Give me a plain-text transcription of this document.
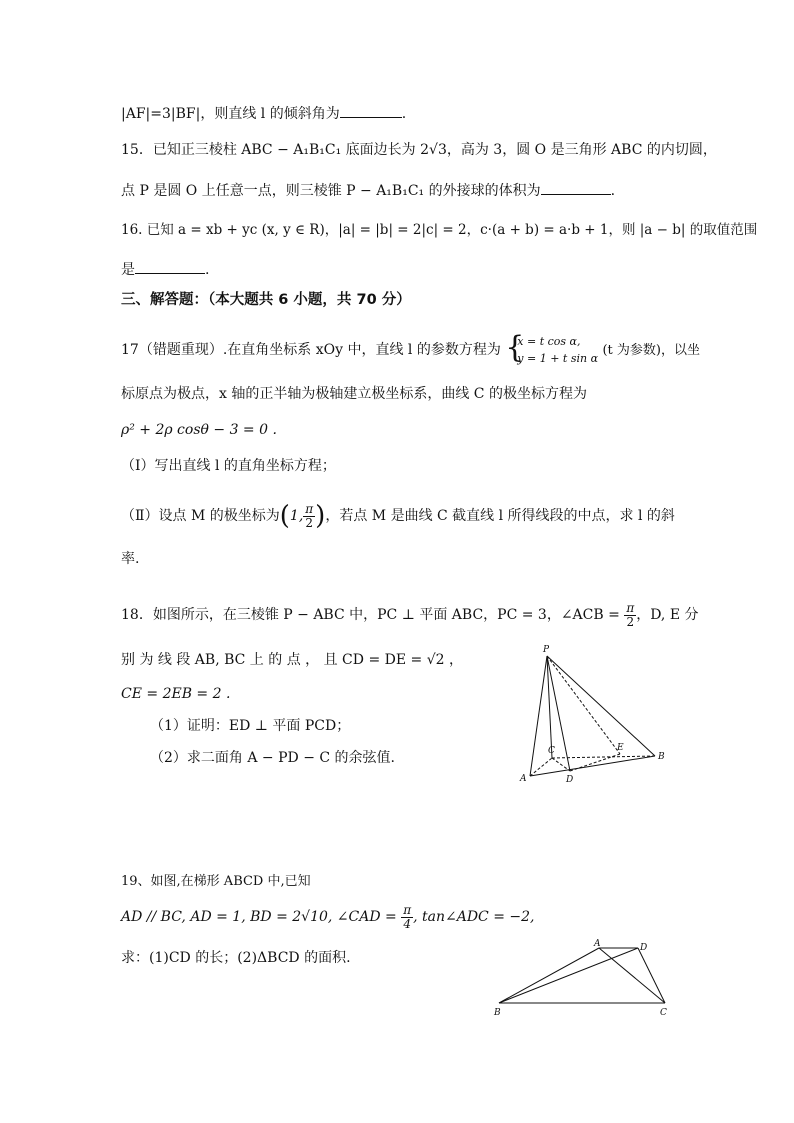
|AF|=3|BF|，则直线 l 的倾斜角为	.
15．已知正三棱柱 ABC − A₁B₁C₁ 底面边长为 2√3，高为 3，圆 O 是三角形 ABC 的内切圆，
点 P 是圆 O 上任意一点，则三棱锥 P − A₁B₁C₁ 的外接球的体积为	.
16. 已知 a = xb + yc (x, y ∈ R)，|a| = |b| = 2|c| = 2，c·(a + b) = a·b + 1，则 |a − b| 的取值范围
是	.
三、解答题：（本大题共 6 小题，共 70 分）
17（错题重现）.在直角坐标系 xOy 中，直线 l 的参数方程为 {
x = t cos α,
y = 1 + t sin α
(t 为参数)，以坐
标原点为极点，x 轴的正半轴为极轴建立极坐标系，曲线 C 的极坐标方程为
ρ² + 2ρ cosθ − 3 = 0 .
（Ⅰ）写出直线 l 的直角坐标方程；
（Ⅱ）设点 M 的极坐标为(1, $\frac{\pi}{2}$ )，若点 M 是曲线 C 截直线 l 所得线段的中点，求 l 的斜
率.
18．如图所示，在三棱锥 P − ABC 中，PC ⊥ 平面 ABC，PC = 3，∠ACB = $\frac{\pi}{2}$ ，D, E 分
别 为 线 段 AB, BC 上 的 点 ， 且 CD = DE = √2 ，
CE = 2EB = 2 .
（1）证明：ED ⊥ 平面 PCD；
（2）求二面角 A − PD − C 的余弦值.
P
C	E
B
A	D
19、如图,在梯形 ABCD 中,已知
AD // BC, AD = 1, BD = 2√10, ∠CAD = $\frac{\pi}{4}$ , tan∠ADC = −2,
求：(1)CD 的长；(2)ΔBCD 的面积.
A	D
B	C
